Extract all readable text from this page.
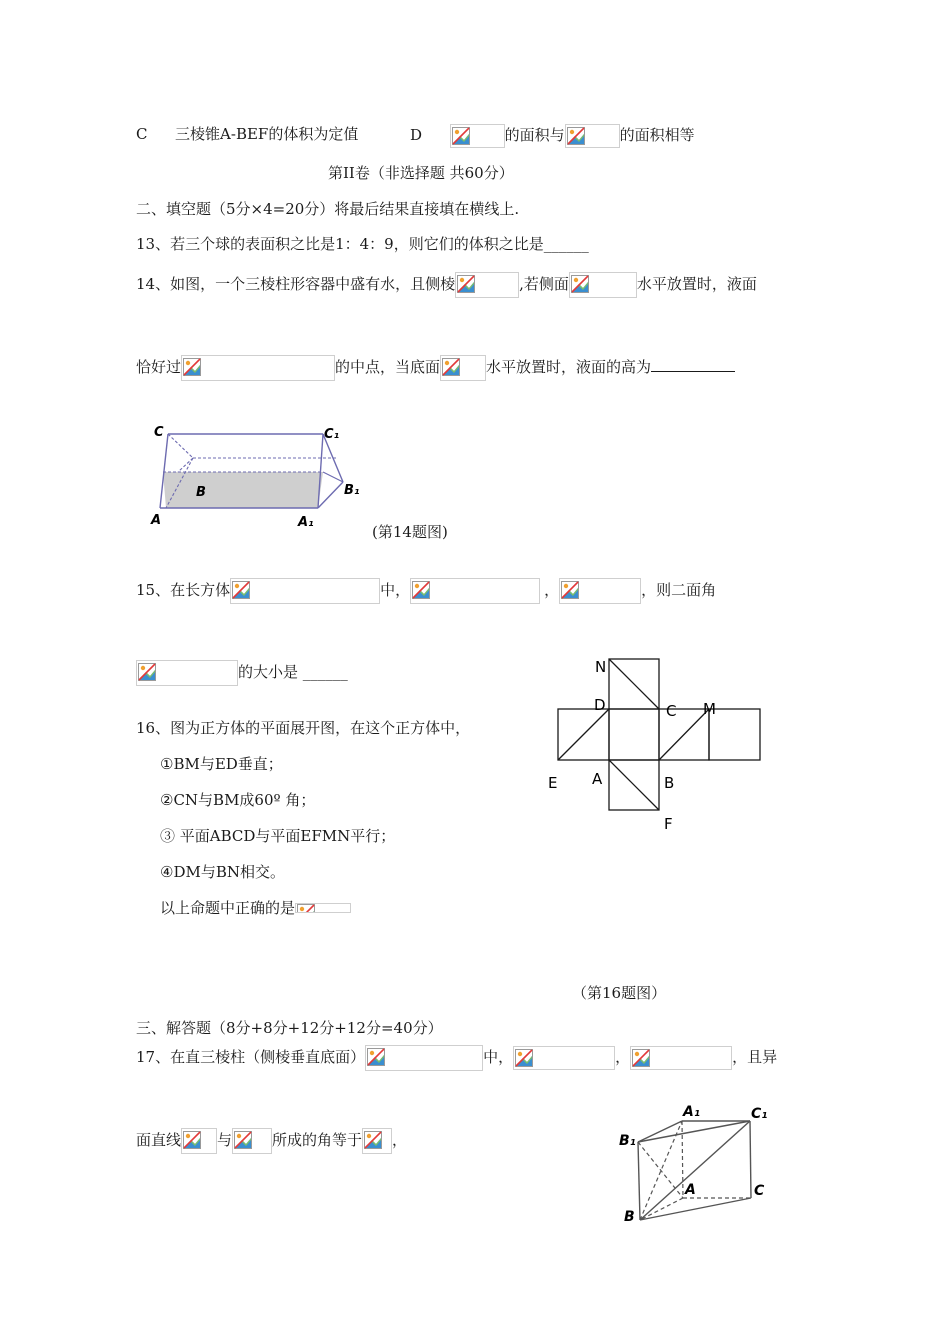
C 三棱锥A-BEF的体积为定值	D	的面积与	的面积相等
第II卷（非选择题 共60分）
二、填空题（5分×4=20分）将最后结果直接填在横线上.
13、若三个球的表面积之比是1：4：9，则它们的体积之比是______
14、如图，一个三棱柱形容器中盛有水，且侧棱	,若侧面	水平放置时，液面
恰好过	的中点，当底面	水平放置时，液面的高为
C	C₁
B	B₁
A	A₁
(第14题图)
15、在长方体	中，	，	，则二面角
的大小是 ______	N
D	C M
E A	B
F
16、图为正方体的平面展开图，在这个正方体中，
①BM与ED垂直；
②CN与BM成60º 角；
③ 平面ABCD与平面EFMN平行；
④DM与BN相交。
以上命题中正确的是
（第16题图）
三、解答题（8分+8分+12分+12分=40分）
17、在直三棱柱（侧棱垂直底面）	中，	，	，且异
面直线 与	所成的角等于 ，
A₁	C₁
B₁
A	C
B
